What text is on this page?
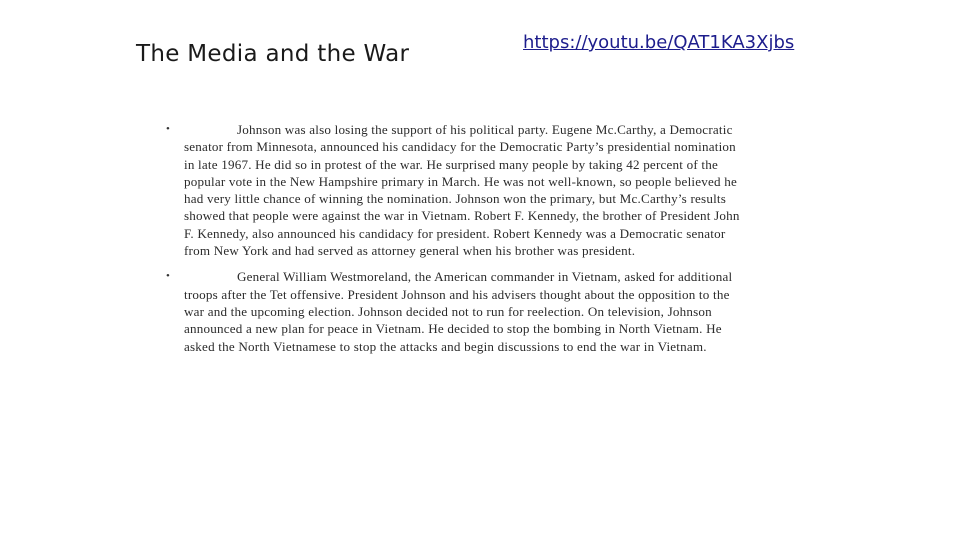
The Media and the War	https://youtu.be/QAT1KA3Xjbs
•	Johnson was also losing the support of his political party. Eugene Mc.Carthy, a Democratic senator from Minnesota, announced his candidacy for the Democratic Party’s presidential nomination in late 1967. He did so in protest of the war. He surprised many people by taking 42 percent of the popular vote in the New Hampshire primary in March. He was not well-known, so people believed he had very little chance of winning the nomination. Johnson won the primary, but Mc.Carthy’s results showed that people were against the war in Vietnam. Robert F. Kennedy, the brother of President John F. Kennedy, also announced his candidacy for president. Robert Kennedy was a Democratic senator from New York and had served as attorney general when his brother was president.
•	General William Westmoreland, the American commander in Vietnam, asked for additional troops after the Tet offensive. President Johnson and his advisers thought about the opposition to the war and the upcoming election. Johnson decided not to run for reelection. On television, Johnson announced a new plan for peace in Vietnam. He decided to stop the bombing in North Vietnam. He asked the North Vietnamese to stop the attacks and begin discussions to end the war in Vietnam.
